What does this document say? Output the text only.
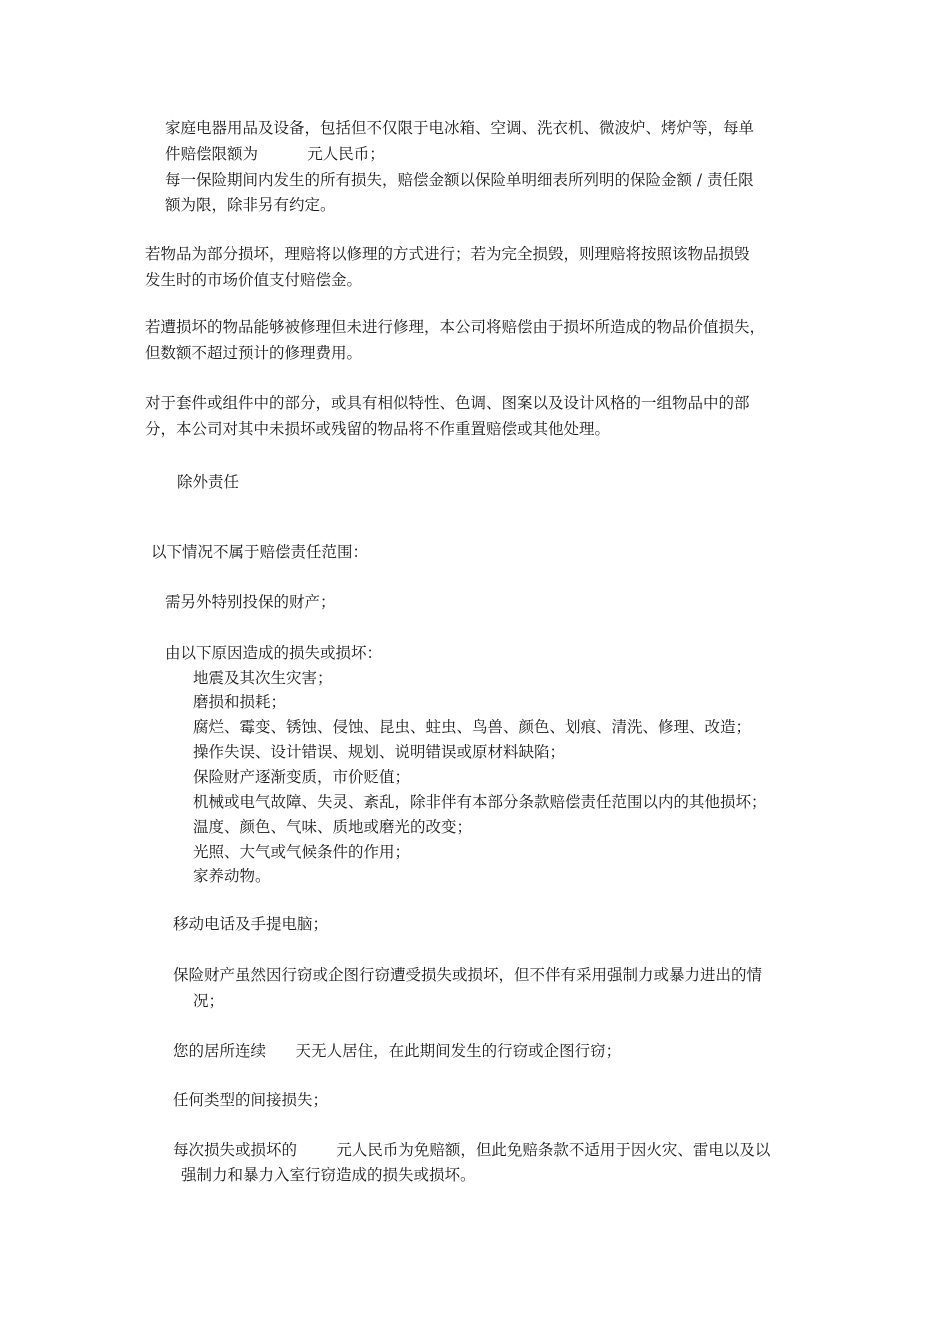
家庭电器用品及设备，包括但不仅限于电冰箱、空调、洗衣机、微波炉、烤炉等，每单

件赔偿限额为          元人民币；

每一保险期间内发生的所有损失，赔偿金额以保险单明细表所列明的保险金额 / 责任限

额为限，除非另有约定。

若物品为部分损坏，理赔将以修理的方式进行；若为完全损毁，则理赔将按照该物品损毁

发生时的市场价值支付赔偿金。

若遭损坏的物品能够被修理但未进行修理，本公司将赔偿由于损坏所造成的物品价值损失，

但数额不超过预计的修理费用。

对于套件或组件中的部分，或具有相似特性、色调、图案以及设计风格的一组物品中的部

分，本公司对其中未损坏或残留的物品将不作重置赔偿或其他处理。

除外责任

以下情况不属于赔偿责任范围：

需另外特别投保的财产；

由以下原因造成的损失或损坏：

地震及其次生灾害；

磨损和损耗；

腐烂、霉变、锈蚀、侵蚀、昆虫、蛀虫、鸟兽、颜色、划痕、清洗、修理、改造；

操作失误、设计错误、规划、说明错误或原材料缺陷；

保险财产逐渐变质，市价贬值；

机械或电气故障、失灵、紊乱，除非伴有本部分条款赔偿责任范围以内的其他损坏；

温度、颜色、气味、质地或磨光的改变；

光照、大气或气候条件的作用；

家养动物。

移动电话及手提电脑；

保险财产虽然因行窃或企图行窃遭受损失或损坏，但不伴有采用强制力或暴力进出的情

况；

您的居所连续      天无人居住，在此期间发生的行窃或企图行窃；

任何类型的间接损失；

每次损失或损坏的        元人民币为免赔额，但此免赔条款不适用于因火灾、雷电以及以

强制力和暴力入室行窃造成的损失或损坏。
